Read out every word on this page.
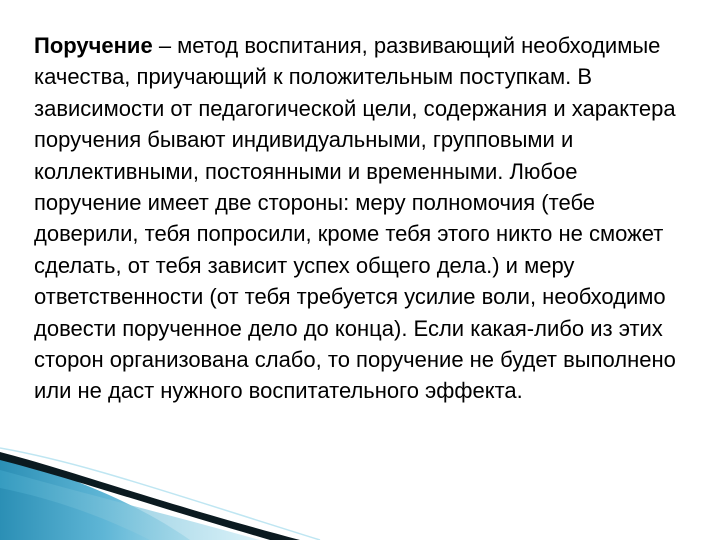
Поручение – метод воспитания, развивающий необходимые качества, приучающий к положительным поступкам. В зависимости от педагогической цели, содержания и характера поручения бывают индивидуальными, групповыми и коллективными, постоянными и временными. Любое поручение имеет две стороны: меру полномочия (тебе доверили, тебя попросили, кроме тебя этого никто не сможет сделать, от тебя зависит успех общего дела.) и меру ответственности (от тебя требуется усилие воли, необходимо довести порученное дело до конца). Если какая-либо из этих сторон организована слабо, то поручение не будет выполнено или не даст нужного воспитательного эффекта.
